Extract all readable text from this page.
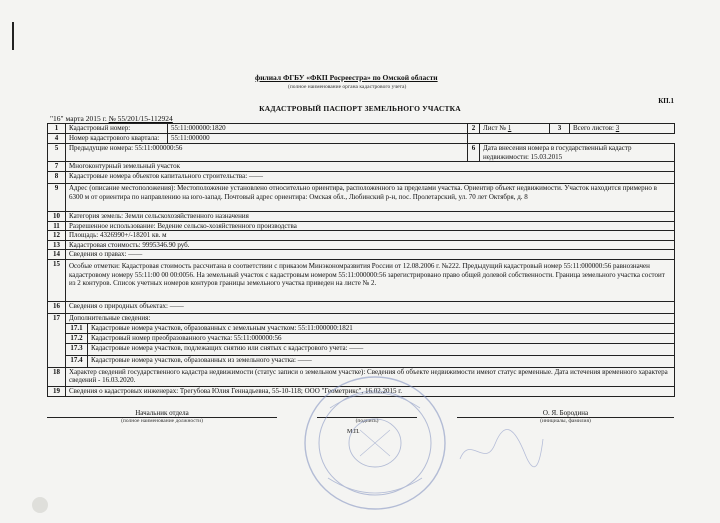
филиал ФГБУ «ФКП Росреестра» по Омской области
(полное наименование органа кадастрового учета)
КП.1
КАДАСТРОВЫЙ ПАСПОРТ ЗЕМЕЛЬНОГО УЧАСТКА
"16" марта 2015 г. № 55/201/15-112924
1	Кадастровый номер:		55:11:000000:1820	2	Лист № 1	3	Всего листов: 3
4	Номер кадастрового квартала:		55:11:000000				
5	Предыдущие номера: 55:11:000000:56			6	Дата внесения номера в государственный кадастр недвижимости: 15.03.2015		
7	Многоконтурный земельный участок						
8	Кадастровые номера объектов капитального строительства: ——						
9	Адрес (описание местоположения): Местоположение установлено относительно ориентира, расположенного за пределами участка. Ориентир объект недвижимости. Участок находится примерно в 6300 м от ориентира по направлению на юго-запад. Почтовый адрес ориентира: Омская обл., Любинский р-н, пос. Пролетарский, ул. 70 лет Октября, д. 8						
10	Категория земель: Земли сельскохозяйственного назначения						
11	Разрешенное использование: Ведение сельско-хозяйственного производства						
12	Площадь: 4326990+/-18201 кв. м						
13	Кадастровая стоимость: 9995346.90 руб.						
14	Сведения о правах: ——						
15	Особые отметки: Кадастровая стоимость рассчитана в соответствии с приказом Минэкономразвития России от 12.08.2006 г. №222. Предыдущий кадастровый номер 55:11:000000:56 равнозначен кадастровому номеру 55:11:00 00 00:0056. На земельный участок с кадастровым номером 55:11:000000:56 зарегистрировано право общей долевой собственности. Граница земельного участка состоит из 2 контуров. Список учетных номеров контуров границы земельного участка приведен на листе № 2.						
16	Сведения о природных объектах: ——						
17	Дополнительные сведения:						
	17.1	Кадастровые номера участков, образованных с земельным участком: 55:11:000000:1821					
	17.2	Кадастровый номер преобразованного участка: 55:11:000000:56					
	17.3	Кадастровые номера участков, подлежащих снятию или снятых с кадастрового учета: ——					
	17.4	Кадастровые номера участков, образованных из земельного участка: ——					
18	Характер сведений государственного кадастра недвижимости (статус записи о земельном участке): Сведения об объекте недвижимости имеют статус временные. Дата истечения временного характера сведений - 16.03.2020.						
19	Сведения о кадастровых инженерах: Трегубова Юлия Геннадьевна, 55-10-118; ООО "Геометрикс", 16.02.2015 г.						
Начальник отдела				О. Я. Бородина
(полное наименование должности)		(подпись)		(инициалы, фамилия)
М.П.
